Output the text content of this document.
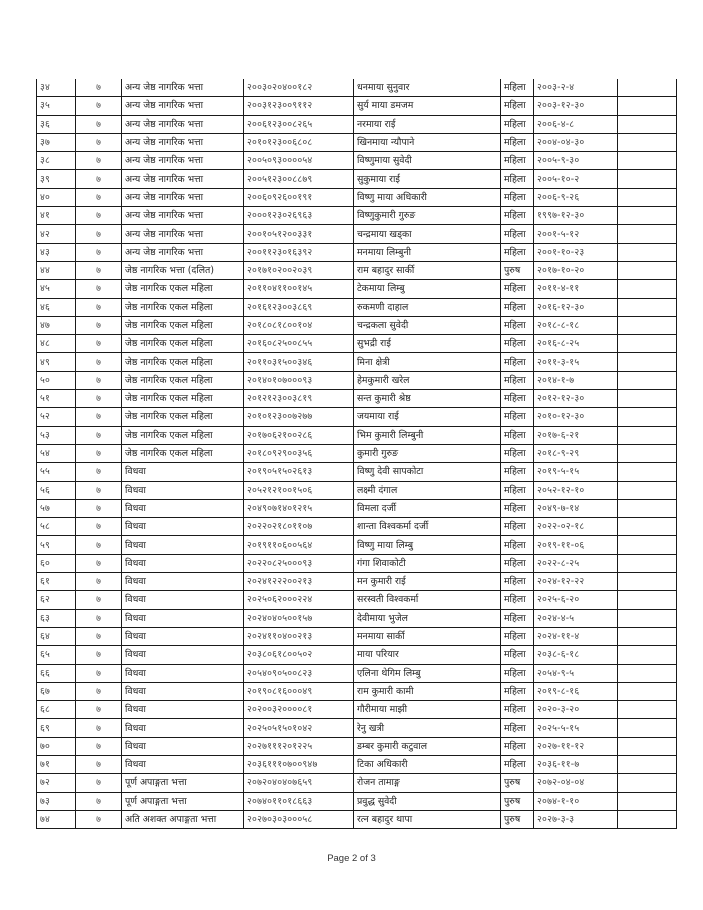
३४	७	अन्य जेष्ठ नागरिक भत्ता	२००३०२०४००१८२	धनमाया सुनुवार	महिला	२००३-२-४	
३५	७	अन्य जेष्ठ नागरिक भत्ता	२००३१२३००९११२	सुर्य माया डमजम	महिला	२००३-१२-३०	
३६	७	अन्य जेष्ठ नागरिक भत्ता	२००६१२३००८२६५	नरमाया राई	महिला	२००६-४-८	
३७	७	अन्य जेष्ठ नागरिक भत्ता	२०१०१२३००६८०८	खिनमाया न्यौपाने	महिला	२००४-०४-३०	
३८	७	अन्य जेष्ठ नागरिक भत्ता	२००५०९३००००५४	विष्णुमाया सुवेदी	महिला	२००५-९-३०	
३९	७	अन्य जेष्ठ नागरिक भत्ता	२००५१२३००८८७९	सुकुमाया राई	महिला	२००५-१०-२	
४०	७	अन्य जेष्ठ नागरिक भत्ता	२००६०९२६००१९१	विष्णु माया अधिकारी	महिला	२००६-९-२६	
४१	७	अन्य जेष्ठ नागरिक भत्ता	२०००१२३०२६९६३	विष्णुकुमारी गुरुङ	महिला	१९९७-१२-३०	
४२	७	अन्य जेष्ठ नागरिक भत्ता	२००१०५१२००३३१	चन्द्रमाया खड्का	महिला	२००१-५-१२	
४३	७	अन्य जेष्ठ नागरिक भत्ता	२००११२३०१६३९२	मनमाया लिम्बुनी	महिला	२००१-१०-२३	
४४	७	जेष्ठ नागरिक भत्ता (दलित)	२०१७१०२००२०३९	राम बहादुर सार्की	पुरुष	२०१७-१०-२०	
४५	७	जेष्ठ नागरिक एकल महिला	२०११०४११००१४५	टेकमाया लिम्बु	महिला	२०११-४-११	
४६	७	जेष्ठ नागरिक एकल महिला	२०१६१२३००३८६९	रुकमणी दाहाल	महिला	२०१६-१२-३०	
४७	७	जेष्ठ नागरिक एकल महिला	२०१८०८१८००१०४	चन्द्रकला सुवेदी	महिला	२०१८-८-१८	
४८	७	जेष्ठ नागरिक एकल महिला	२०१६०८२५००८५५	सुभद्री राई	महिला	२०१६-८-२५	
४९	७	जेष्ठ नागरिक एकल महिला	२०११०३१५००३४६	मिना क्षेत्री	महिला	२०११-३-१५	
५०	७	जेष्ठ नागरिक एकल महिला	२०१४०१०७०००९३	हेमकुमारी खरेल	महिला	२०१४-१-७	
५१	७	जेष्ठ नागरिक एकल महिला	२०१२१२३००३८१९	सन्त कुमारी श्रेष्ठ	महिला	२०१२-१२-३०	
५२	७	जेष्ठ नागरिक एकल महिला	२०१०१२३००७२७७	जयमाया राई	महिला	२०१०-१२-३०	
५३	७	जेष्ठ नागरिक एकल महिला	२०१७०६२१००२८६	भिम कुमारी लिम्बुनी	महिला	२०१७-६-२१	
५४	७	जेष्ठ नागरिक एकल महिला	२०१८०९२९००३५६	कुमारी गुरुङ	महिला	२०१८-९-२९	
५५	७	विधवा	२०१९०५१५०२६१३	विष्णु देवी सापकोटा	महिला	२०१९-५-१५	
५६	७	विधवा	२०५२१२१००१५०६	लक्ष्मी दंगाल	महिला	२०५२-१२-१०	
५७	७	विधवा	२०४९०७१४०१२१५	विमला दर्जी	महिला	२०४९-७-१४	
५८	७	विधवा	२०२२०२१८०११०७	शान्ता विश्वकर्मा दर्जी	महिला	२०२२-०२-१८	
५९	७	विधवा	२०१९११०६००५६४	विष्णु माया लिम्बु	महिला	२०१९-११-०६	
६०	७	विधवा	२०२२०८२५०००९३	गंगा शिवाकोटी	महिला	२०२२-८-२५	
६१	७	विधवा	२०२४१२२२००२१३	मन कुमारी राई	महिला	२०२४-१२-२२	
६२	७	विधवा	२०२५०६२०००२२४	सरस्वती विश्वकर्मा	महिला	२०२५-६-२०	
६३	७	विधवा	२०२४०४०५००१५७	देवीमाया भुजेल	महिला	२०२४-४-५	
६४	७	विधवा	२०२४११०४००२१३	मनमाया सार्की	महिला	२०२४-११-४	
६५	७	विधवा	२०३८०६१८००५०२	माया परियार	महिला	२०३८-६-१८	
६६	७	विधवा	२०५४०९०५००८२३	एलिना थेगिम लिम्बु	महिला	२०५४-९-५	
६७	७	विधवा	२०१९०८१६०००४९	राम कुमारी कामी	महिला	२०१९-८-१६	
६८	७	विधवा	२०२००३२००००८१	गौरीमाया माझी	महिला	२०२०-३-२०	
६९	७	विधवा	२०२५०५१५०१०४२	रेनु खत्री	महिला	२०२५-५-१५	
७०	७	विधवा	२०२७१११२०१२२५	डम्बर कुमारी कटुवाल	महिला	२०२७-११-१२	
७१	७	विधवा	२०३६१११०७००९४७	टिका अधिकारी	महिला	२०३६-११-७	
७२	७	पूर्ण अपाङ्गता भत्ता	२०७२०४०४०७६५९	रोजन तामाङ्ग	पुरुष	२०७२-०४-०४	
७३	७	पूर्ण अपाङ्गता भत्ता	२०७४०११०१८६६३	प्रवुद्ध सुवेदी	पुरुष	२०७४-१-१०	
७४	७	अति अशक्त अपाङ्गता भत्ता	२०२७०३०३०००५८	रत्न बहादुर थापा	पुरुष	२०२७-३-३	
Page 2 of 3
